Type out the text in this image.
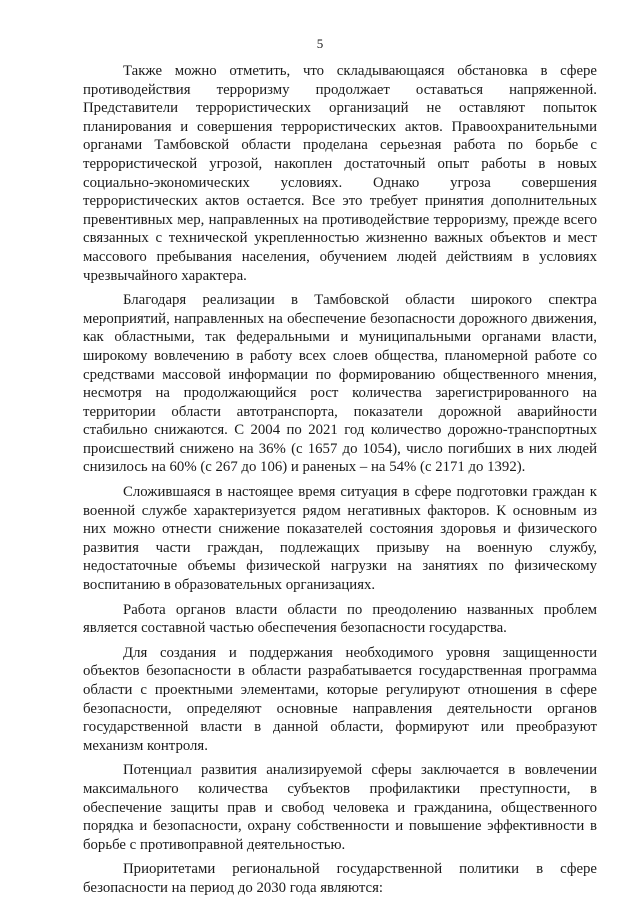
5

Также можно отметить, что складывающаяся обстановка в сфере противодействия терроризму продолжает оставаться напряженной. Представители террористических организаций не оставляют попыток планирования и совершения террористических актов. Правоохранительными органами Тамбовской области проделана серьезная работа по борьбе с террористической угрозой, накоплен достаточный опыт работы в новых социально-экономических условиях. Однако угроза совершения террористических актов остается. Все это требует принятия дополнительных превентивных мер, направленных на противодействие терроризму, прежде всего связанных с технической укрепленностью жизненно важных объектов и мест массового пребывания населения, обучением людей действиям в условиях чрезвычайного характера.

Благодаря реализации в Тамбовской области широкого спектра мероприятий, направленных на обеспечение безопасности дорожного движения, как областными, так федеральными и муниципальными органами власти, широкому вовлечению в работу всех слоев общества, планомерной работе со средствами массовой информации по формированию общественного мнения, несмотря на продолжающийся рост количества зарегистрированного на территории области автотранспорта, показатели дорожной аварийности стабильно снижаются. С 2004 по 2021 год количество дорожно-транспортных происшествий снижено на 36% (с 1657 до 1054), число погибших в них людей снизилось на 60% (с 267 до 106) и раненых – на 54% (с 2171 до 1392).

Сложившаяся в настоящее время ситуация в сфере подготовки граждан к военной службе характеризуется рядом негативных факторов. К основным из них можно отнести снижение показателей состояния здоровья и физического развития части граждан, подлежащих призыву на военную службу, недостаточные объемы физической нагрузки на занятиях по физическому воспитанию в образовательных организациях.

Работа органов власти области по преодолению названных проблем является составной частью обеспечения безопасности государства.

Для создания и поддержания необходимого уровня защищенности объектов безопасности в области разрабатывается государственная программа области с проектными элементами, которые регулируют отношения в сфере безопасности, определяют основные направления деятельности органов государственной власти в данной области, формируют или преобразуют механизм контроля.

Потенциал развития анализируемой сферы заключается в вовлечении максимального количества субъектов профилактики преступности, в обеспечение защиты прав и свобод человека и гражданина, общественного порядка и безопасности, охрану собственности и повышение эффективности в борьбе с противоправной деятельностью.

Приоритетами региональной государственной политики в сфере безопасности на период до 2030 года являются:
